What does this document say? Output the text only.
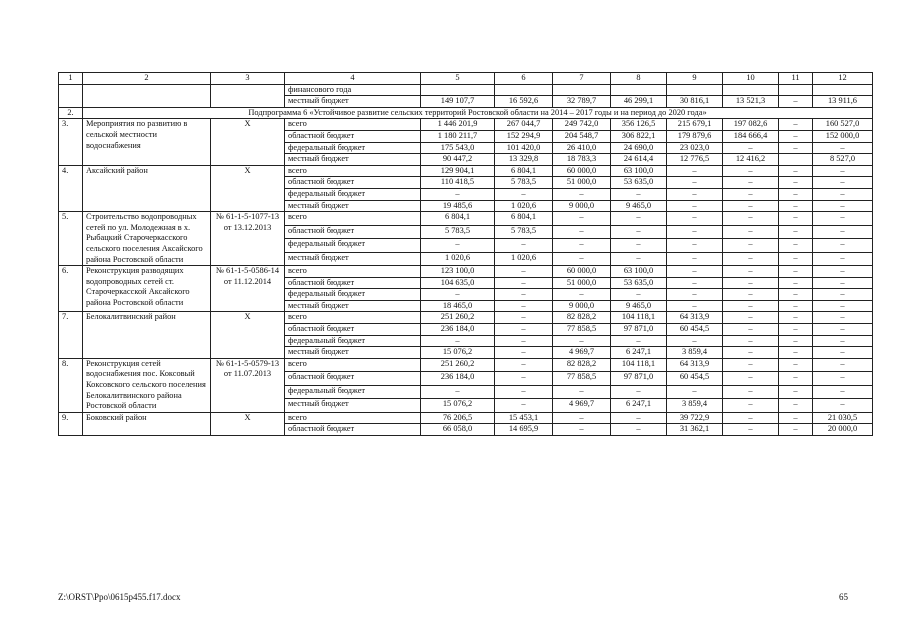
1	2	3	4	5	6	7	8	9	10	11	12
			финансового года								
			местный бюджет	149 107,7	16 592,6	32 789,7	46 299,1	30 816,1	13 521,3	–	13 911,6
2.	Подпрограмма 6 «Устойчивое развитие сельских территорий Ростовской области на 2014 – 2017 годы и на период до 2020 года»										
3.	Мероприятия по развитию в сельской местности водоснабжения	Х	всего	1 446 201,9	267 044,7	249 742,0	356 126,5	215 679,1	197 082,6	–	160 527,0
			областной бюджет	1 180 211,7	152 294,9	204 548,7	306 822,1	179 879,6	184 666,4	–	152 000,0
			федеральный бюджет	175 543,0	101 420,0	26 410,0	24 690,0	23 023,0	–	–	–
			местный бюджет	90 447,2	13 329,8	18 783,3	24 614,4	12 776,5	12 416,2		8 527,0
4.	Аксайский район	Х	всего	129 904,1	6 804,1	60 000,0	63 100,0	–	–	–	–
			областной бюджет	110 418,5	5 783,5	51 000,0	53 635,0	–	–	–	–
			федеральный бюджет	–	–	–	–	–	–	–	–
			местный бюджет	19 485,6	1 020,6	9 000,0	9 465,0	–	–	–	–
5.	Строительство водопроводных сетей по ул. Молодежная в х. Рыбацкий Старочеркасского сельского поселения Аксайского района Ростовской области	№ 61-1-5-1077-13 от 13.12.2013	всего	6 804,1	6 804,1	–	–	–	–	–	–
			областной бюджет	5 783,5	5 783,5	–	–	–	–	–	–
			федеральный бюджет	–	–	–	–	–	–	–	–
			местный бюджет	1 020,6	1 020,6	–	–	–	–	–	–
6.	Реконструкция разводящих водопроводных сетей ст. Старочеркасской Аксайского района Ростовской области	№ 61-1-5-0586-14 от 11.12.2014	всего	123 100,0	–	60 000,0	63 100,0	–	–	–	–
			областной бюджет	104 635,0	–	51 000,0	53 635,0	–	–	–	–
			федеральный бюджет	–	–	–	–	–	–	–	–
			местный бюджет	18 465,0	–	9 000,0	9 465,0	–	–	–	–
7.	Белокалитвинский район	Х	всего	251 260,2	–	82 828,2	104 118,1	64 313,9	–	–	–
			областной бюджет	236 184,0	–	77 858,5	97 871,0	60 454,5	–	–	–
			федеральный бюджет	–	–	–	–	–	–	–	–
			местный бюджет	15 076,2	–	4 969,7	6 247,1	3 859,4	–	–	–
8.	Реконструкция сетей водоснабжения пос. Коксовый Коксовского сельского поселения Белокалитвинского района Ростовской области	№ 61-1-5-0579-13 от 11.07.2013	всего	251 260,2	–	82 828,2	104 118,1	64 313,9	–	–	–
			областной бюджет	236 184,0	–	77 858,5	97 871,0	60 454,5	–	–	–
			федеральный бюджет	–	–	–	–	–	–	–	–
			местный бюджет	15 076,2	–	4 969,7	6 247,1	3 859,4	–	–	–
9.	Боковский район	Х	всего	76 206,5	15 453,1	–	–	39 722,9	–	–	21 030,5
			областной бюджет	66 058,0	14 695,9	–	–	31 362,1	–	–	20 000,0
Z:\ORST\Ppo\0615p455.f17.docx	65
